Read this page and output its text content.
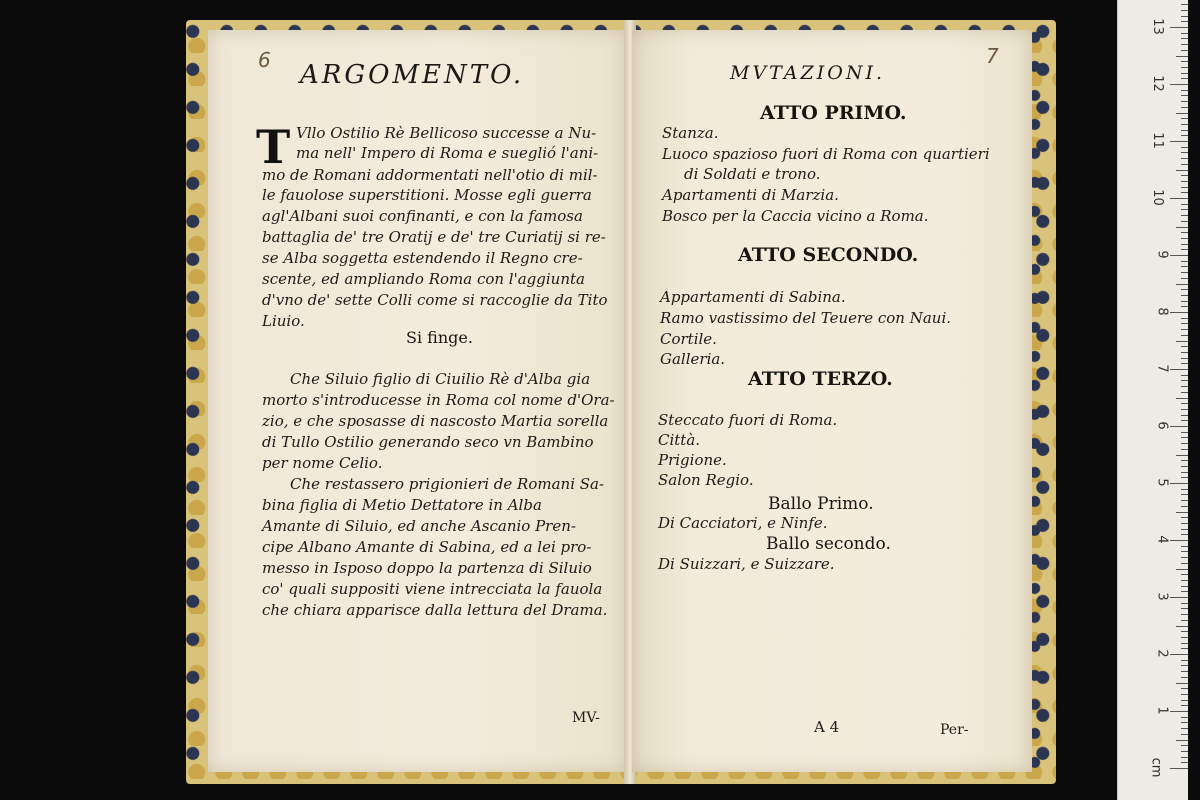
6 ARGOMENTO.
T Vllo Ostilio Rè Bellicoso successe a Nu-
ma nell' Impero di Roma e sueglió l'ani-
mo de Romani addormentati nell'otio di mil-
le fauolose superstitioni. Mosse egli guerra
agl'Albani suoi confinanti, e con la famosa
battaglia de' tre Oratij e de' tre Curiatij si re-
se Alba soggetta estendendo il Regno cre-
scente, ed ampliando Roma con l'aggiunta
d'vno de' sette Colli come si raccoglie da Tito
Liuio.
Si finge.
Che Siluio figlio di Ciuilio Rè d'Alba gia
morto s'introducesse in Roma col nome d'Ora-
zio, e che sposasse di nascosto Martia sorella
di Tullo Ostilio generando seco vn Bambino
per nome Celio.
Che restassero prigionieri de Romani Sa-
bina figlia di Metio Dettatore in Alba
Amante di Siluio, ed anche Ascanio Pren-
cipe Albano Amante di Sabina, ed a lei pro-
messo in Isposo doppo la partenza di Siluio
co' quali suppositi viene intrecciata la fauola
che chiara apparisce dalla lettura del Drama.
MV-
7
MVTAZIONI.
ATTO PRIMO.
Stanza.
Luoco spazioso fuori di Roma con quartieri
di Soldati e trono.
Apartamenti di Marzia.
Bosco per la Caccia vicino a Roma.
ATTO SECONDO.
Appartamenti di Sabina.
Ramo vastissimo del Teuere con Naui.
Cortile.
Galleria.
ATTO TERZO.
Steccato fuori di Roma.
Città.
Prigione.
Salon Regio.
Ballo Primo.
Di Cacciatori, e Ninfe.
Ballo secondo.
Di Suizzari, e Suizzare.
A 4	Per-
1
2
3
4
5
6
7
8
9
10
11
12
13
cm
